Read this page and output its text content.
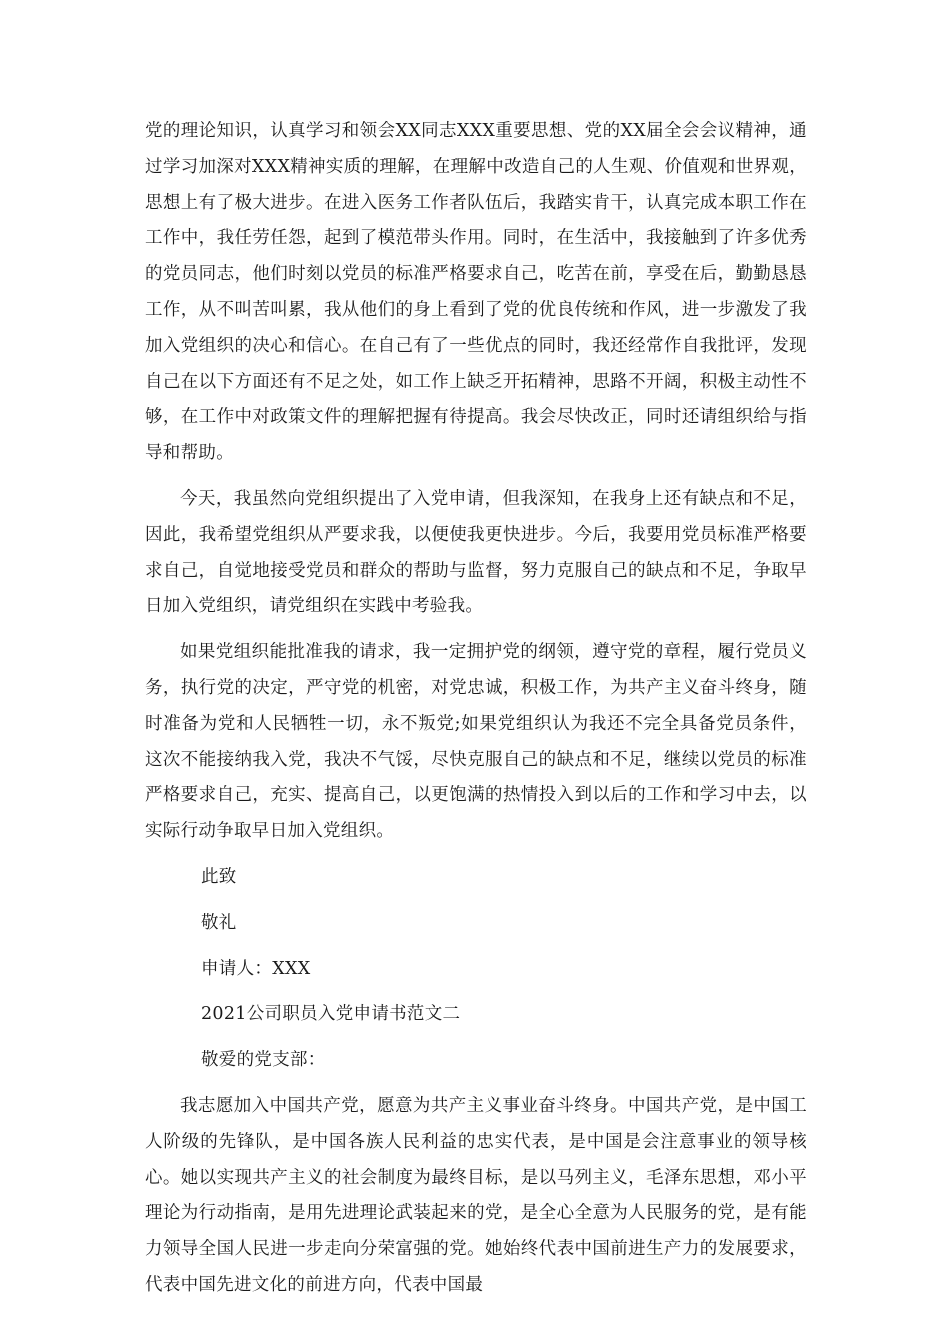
党的理论知识，认真学习和领会XX同志XXX重要思想、党的XX届全会会议精神，通过学习加深对XXX精神实质的理解，在理解中改造自己的人生观、价值观和世界观，思想上有了极大进步。在进入医务工作者队伍后，我踏实肯干，认真完成本职工作在工作中，我任劳任怨，起到了模范带头作用。同时，在生活中，我接触到了许多优秀的党员同志，他们时刻以党员的标准严格要求自己，吃苦在前，享受在后，勤勤恳恳工作，从不叫苦叫累，我从他们的身上看到了党的优良传统和作风，进一步激发了我加入党组织的决心和信心。在自己有了一些优点的同时，我还经常作自我批评，发现自己在以下方面还有不足之处，如工作上缺乏开拓精神，思路不开阔，积极主动性不够，在工作中对政策文件的理解把握有待提高。我会尽快改正，同时还请组织给与指导和帮助。

今天，我虽然向党组织提出了入党申请，但我深知，在我身上还有缺点和不足，因此，我希望党组织从严要求我，以便使我更快进步。今后，我要用党员标准严格要求自己，自觉地接受党员和群众的帮助与监督，努力克服自己的缺点和不足，争取早日加入党组织，请党组织在实践中考验我。

如果党组织能批准我的请求，我一定拥护党的纲领，遵守党的章程，履行党员义务，执行党的决定，严守党的机密，对党忠诚，积极工作，为共产主义奋斗终身，随时准备为党和人民牺牲一切，永不叛党;如果党组织认为我还不完全具备党员条件，这次不能接纳我入党，我决不气馁，尽快克服自己的缺点和不足，继续以党员的标准严格要求自己，充实、提高自己，以更饱满的热情投入到以后的工作和学习中去，以实际行动争取早日加入党组织。

此致

敬礼

申请人：XXX

2021公司职员入党申请书范文二

敬爱的党支部：

我志愿加入中国共产党，愿意为共产主义事业奋斗终身。中国共产党，是中国工人阶级的先锋队，是中国各族人民利益的忠实代表，是中国是会注意事业的领导核心。她以实现共产主义的社会制度为最终目标，是以马列主义，毛泽东思想，邓小平理论为行动指南，是用先进理论武装起来的党，是全心全意为人民服务的党，是有能力领导全国人民进一步走向分荣富强的党。她始终代表中国前进生产力的发展要求，代表中国先进文化的前进方向，代表中国最
